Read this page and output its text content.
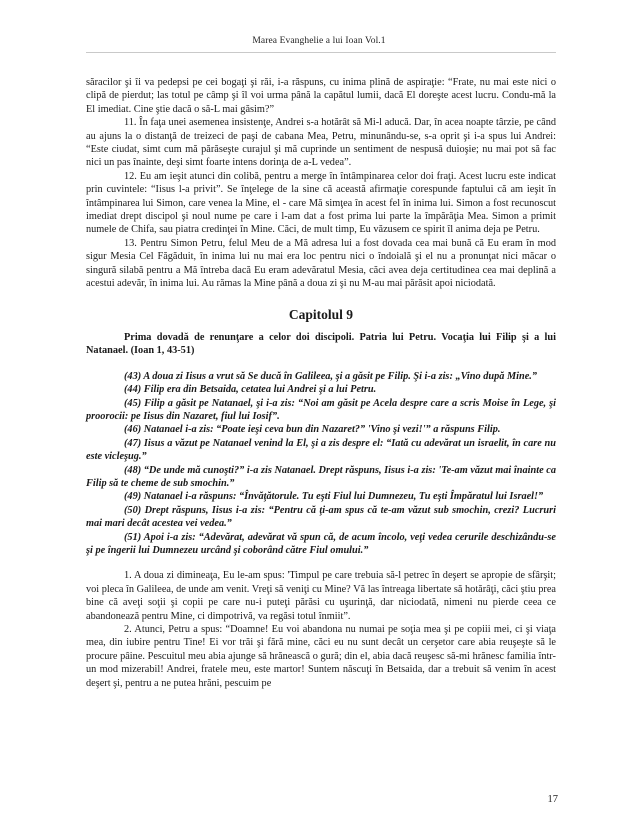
Marea Evanghelie a lui Ioan Vol.1

săracilor şi îi va pedepsi pe cei bogaţi şi răi, i-a răspuns, cu inima plină de aspiraţie: “Frate, nu mai este nici o clipă de pierdut; las totul pe câmp şi îl voi urma până la capătul lumii, dacă El doreşte acest lucru. Condu-mă la El imediat. Cine ştie dacă o să-L mai găsim?”

11. În faţa unei asemenea insistenţe, Andrei s-a hotărât să Mi-l aducă. Dar, în acea noapte târzie, pe când au ajuns la o distanţă de treizeci de paşi de cabana Mea, Petru, minunându-se, s-a oprit şi i-a spus lui Andrei: “Este ciudat, simt cum mă părăseşte curajul şi mă cuprinde un sentiment de nespusă duioşie; nu mai pot să fac nici un pas înainte, deşi simt foarte intens dorinţa de a-L vedea”.

12. Eu am ieşit atunci din colibă, pentru a merge în întâmpinarea celor doi fraţi. Acest lucru este indicat prin cuvintele: “Iisus l-a privit”. Se înţelege de la sine că această afirmaţie corespunde faptului că am ieşit în întâmpinarea lui Simon, care venea la Mine, el - care Mă simţea în acest fel în inima lui. Simon a fost recunoscut imediat drept discipol şi noul nume pe care i l-am dat a fost prima lui parte la împărăţia Mea. Simon a primit numele de Chifa, sau piatra credinţei în Mine. Căci, de mult timp, Eu văzusem ce spirit îl anima deja pe Petru.

13. Pentru Simon Petru, felul Meu de a Mă adresa lui a fost dovada cea mai bună că Eu eram în mod sigur Mesia Cel Făgăduit, în inima lui nu mai era loc pentru nici o îndoială şi el nu a pronunţat nici măcar o singură silabă pentru a Mă întreba dacă Eu eram adevăratul Mesia, căci avea deja certitudinea cea mai deplină a acestui adevăr, în inima lui. Au rămas la Mine până a doua zi şi nu M-au mai părăsit apoi niciodată.

Capitolul 9

Prima dovadă de renunţare a celor doi discipoli. Patria lui Petru. Vocaţia lui Filip şi a lui Natanael. (Ioan 1, 43-51)

(43) A doua zi Iisus a vrut să Se ducă în Galileea, şi a găsit pe Filip. Şi i-a zis: „Vino după Mine.”

(44) Filip era din Betsaida, cetatea lui Andrei şi a lui Petru.

(45) Filip a găsit pe Natanael, şi i-a zis: “Noi am găsit pe Acela despre care a scris Moise în Lege, şi proorocii: pe Iisus din Nazaret, fiul lui Iosif”.

(46) Natanael i-a zis: “Poate ieşi ceva bun din Nazaret?” 'Vino şi vezi!'” a răspuns Filip.

(47) Iisus a văzut pe Natanael venind la El, şi a zis despre el: “Iată cu adevărat un israelit, în care nu este vicleşug.”

(48) “De unde mă cunoşti?” i-a zis Natanael. Drept răspuns, Iisus i-a zis: 'Te-am văzut mai înainte ca Filip să te cheme de sub smochin.”

(49) Natanael i-a răspuns: “Învăţătorule. Tu eşti Fiul lui Dumnezeu, Tu eşti Împăratul lui Israel!”

(50) Drept răspuns, Iisus i-a zis: “Pentru că ţi-am spus că te-am văzut sub smochin, crezi? Lucruri mai mari decât acestea vei vedea.”

(51) Apoi i-a zis: “Adevărat, adevărat vă spun că, de acum încolo, veţi vedea cerurile deschizându-se şi pe îngerii lui Dumnezeu urcând şi coborând către Fiul omului.”

1. A doua zi dimineaţa, Eu le-am spus: 'Timpul pe care trebuia să-l petrec în deşert se apropie de sfârşit; voi pleca în Galileea, de unde am venit. Vreţi să veniţi cu Mine? Vă las întreaga libertate să hotărâţi, căci ştiu prea bine că aveţi soţii şi copii pe care nu-i puteţi părăsi cu uşurinţă, dar niciodată, nimeni nu pierde ceea ce abandonează pentru Mine, ci dimpotrivă, va regăsi totul înmiit”.

2. Atunci, Petru a spus: “Doamne! Eu voi abandona nu numai pe soţia mea şi pe copiii mei, ci şi viaţa mea, din iubire pentru Tine! Ei vor trăi şi fără mine, căci eu nu sunt decât un cerşetor care abia reuşeşte să le procure pâine. Pescuitul meu abia ajunge să hrănească o gură; din el, abia dacă reuşesc să-mi hrănesc familia într-un mod mizerabil! Andrei, fratele meu, este martor! Suntem născuţi în Betsaida, dar a trebuit să venim în acest deşert şi, pentru a ne putea hrăni, pescuim pe

17
